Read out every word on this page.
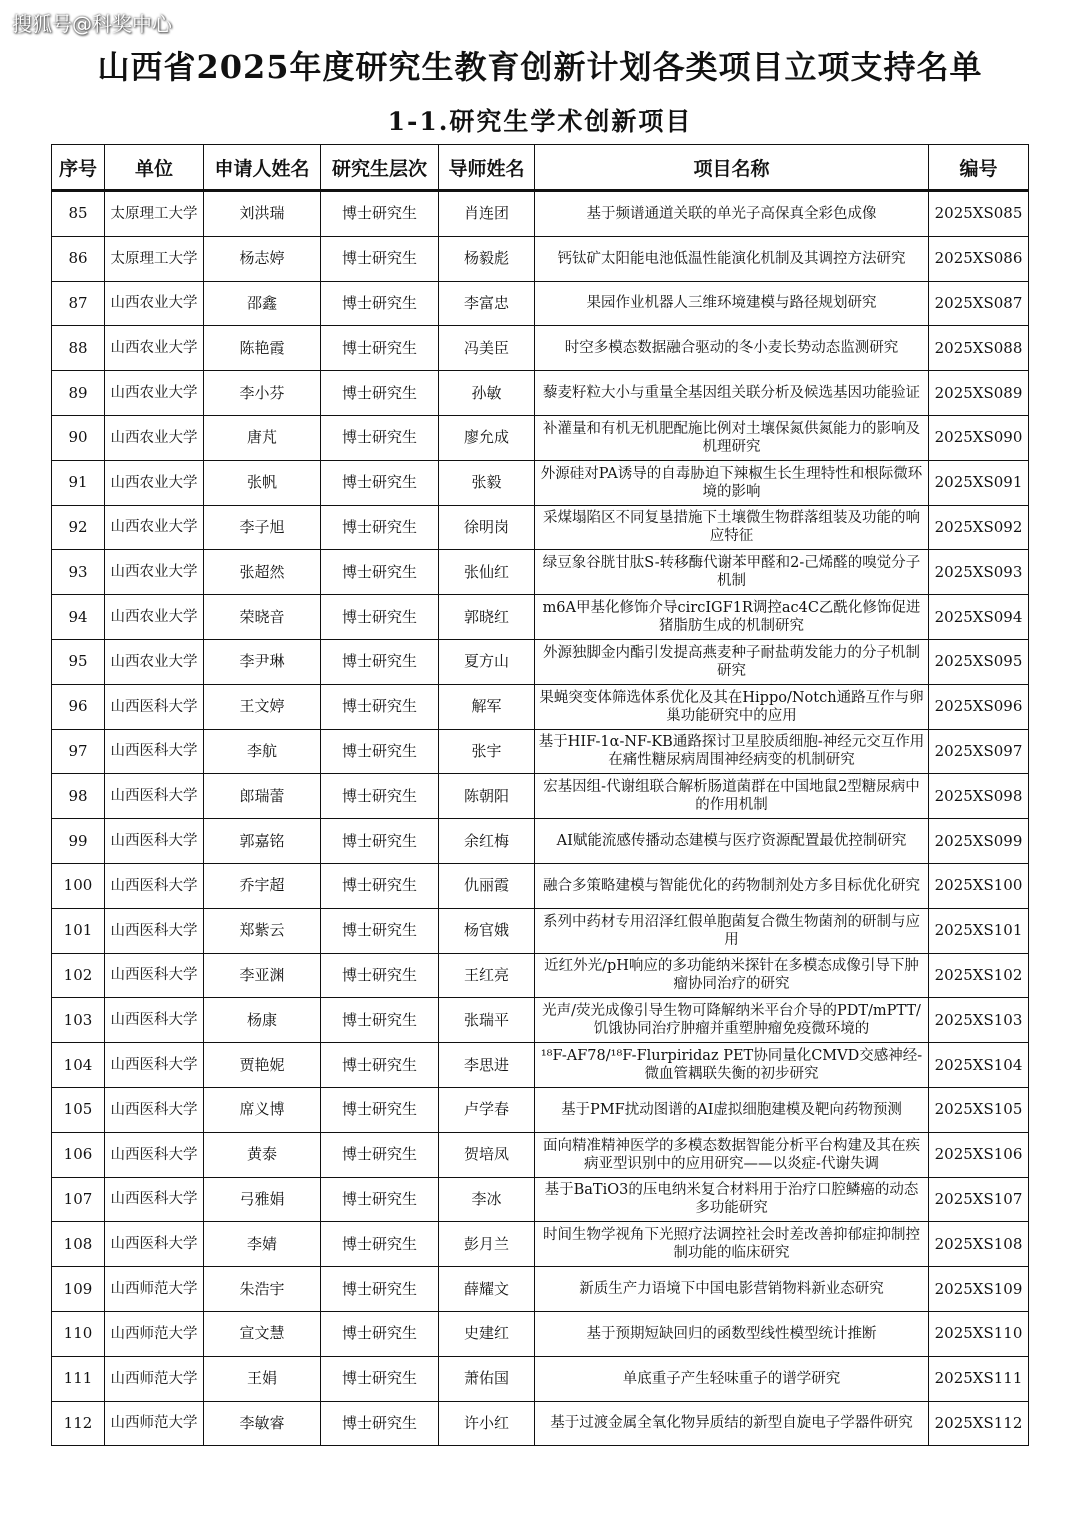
搜狐号@科奖中心
山西省2025年度研究生教育创新计划各类项目立项支持名单
1-1.研究生学术创新项目
序号	单位	申请人姓名	研究生层次	导师姓名	项目名称	编号
85	太原理工大学	刘洪瑞	博士研究生	肖连团	基于频谱通道关联的单光子高保真全彩色成像	2025XS085
86	太原理工大学	杨志婷	博士研究生	杨毅彪	钙钛矿太阳能电池低温性能演化机制及其调控方法研究	2025XS086
87	山西农业大学	邵鑫	博士研究生	李富忠	果园作业机器人三维环境建模与路径规划研究	2025XS087
88	山西农业大学	陈艳霞	博士研究生	冯美臣	时空多模态数据融合驱动的冬小麦长势动态监测研究	2025XS088
89	山西农业大学	李小芬	博士研究生	孙敏	藜麦籽粒大小与重量全基因组关联分析及候选基因功能验证	2025XS089
90	山西农业大学	唐芃	博士研究生	廖允成	补灌量和有机无机肥配施比例对土壤保氮供氮能力的影响及机理研究	2025XS090
91	山西农业大学	张帆	博士研究生	张毅	外源硅对PA诱导的自毒胁迫下辣椒生长生理特性和根际微环境的影响	2025XS091
92	山西农业大学	李子旭	博士研究生	徐明岗	采煤塌陷区不同复垦措施下土壤微生物群落组装及功能的响应特征	2025XS092
93	山西农业大学	张超然	博士研究生	张仙红	绿豆象谷胱甘肽S-转移酶代谢苯甲醛和2-己烯醛的嗅觉分子机制	2025XS093
94	山西农业大学	荣晓音	博士研究生	郭晓红	m6A甲基化修饰介导circIGF1R调控ac4C乙酰化修饰促进猪脂肪生成的机制研究	2025XS094
95	山西农业大学	李尹琳	博士研究生	夏方山	外源独脚金内酯引发提高燕麦种子耐盐萌发能力的分子机制研究	2025XS095
96	山西医科大学	王文婷	博士研究生	解军	果蝇突变体筛选体系优化及其在Hippo/Notch通路互作与卵巢功能研究中的应用	2025XS096
97	山西医科大学	李航	博士研究生	张宇	基于HIF-1α-NF-KB通路探讨卫星胶质细胞-神经元交互作用在痛性糖尿病周围神经病变的机制研究	2025XS097
98	山西医科大学	郎瑞蕾	博士研究生	陈朝阳	宏基因组-代谢组联合解析肠道菌群在中国地鼠2型糖尿病中的作用机制	2025XS098
99	山西医科大学	郭嘉铭	博士研究生	余红梅	AI赋能流感传播动态建模与医疗资源配置最优控制研究	2025XS099
100	山西医科大学	乔宇超	博士研究生	仇丽霞	融合多策略建模与智能优化的药物制剂处方多目标优化研究	2025XS100
101	山西医科大学	郑紫云	博士研究生	杨官娥	系列中药材专用沼泽红假单胞菌复合微生物菌剂的研制与应用	2025XS101
102	山西医科大学	李亚渊	博士研究生	王红亮	近红外光/pH响应的多功能纳米探针在多模态成像引导下肿瘤协同治疗的研究	2025XS102
103	山西医科大学	杨康	博士研究生	张瑞平	光声/荧光成像引导生物可降解纳米平台介导的PDT/mPTT/饥饿协同治疗肿瘤并重塑肿瘤免疫微环境的	2025XS103
104	山西医科大学	贾艳妮	博士研究生	李思进	¹⁸F-AF78/¹⁸F-Flurpiridaz PET协同量化CMVD交感神经-微血管耦联失衡的初步研究	2025XS104
105	山西医科大学	席义博	博士研究生	卢学春	基于PMF扰动图谱的AI虚拟细胞建模及靶向药物预测	2025XS105
106	山西医科大学	黄泰	博士研究生	贺培凤	面向精准精神医学的多模态数据智能分析平台构建及其在疾病亚型识别中的应用研究——以炎症-代谢失调	2025XS106
107	山西医科大学	弓雅娟	博士研究生	李冰	基于BaTiO3的压电纳米复合材料用于治疗口腔鳞癌的动态多功能研究	2025XS107
108	山西医科大学	李婧	博士研究生	彭月兰	时间生物学视角下光照疗法调控社会时差改善抑郁症抑制控制功能的临床研究	2025XS108
109	山西师范大学	朱浩宇	博士研究生	薛耀文	新质生产力语境下中国电影营销物料新业态研究	2025XS109
110	山西师范大学	宣文慧	博士研究生	史建红	基于预期短缺回归的函数型线性模型统计推断	2025XS110
111	山西师范大学	王娟	博士研究生	萧佑国	单底重子产生轻味重子的谱学研究	2025XS111
112	山西师范大学	李敏睿	博士研究生	许小红	基于过渡金属全氧化物异质结的新型自旋电子学器件研究	2025XS112
